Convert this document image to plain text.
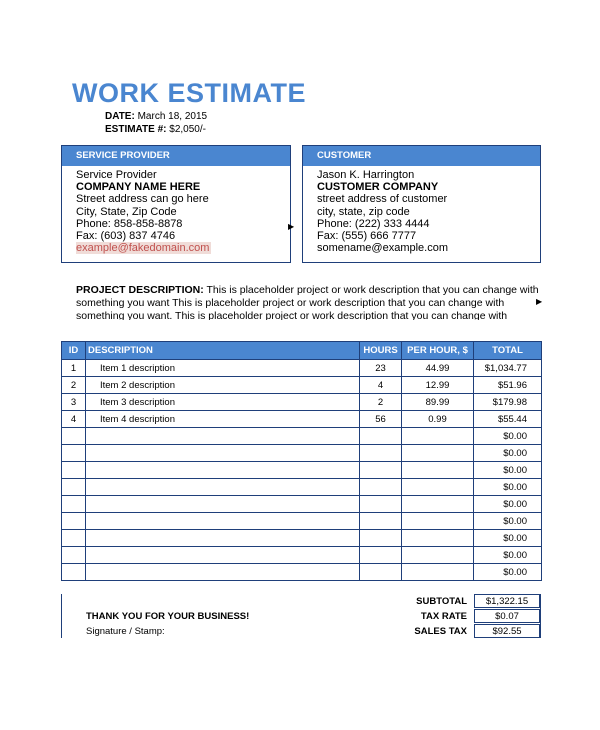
WORK ESTIMATE
DATE: March 18, 2015
ESTIMATE #: $2,050/-
SERVICE PROVIDER
Service Provider
COMPANY NAME HERE
Street address can go here
City, State, Zip Code
Phone: 858-858-8878
Fax: (603) 837 4746
example@fakedomain.com
▶
CUSTOMER
Jason K. Harrington
CUSTOMER COMPANY
street address of customer
city, state, zip code
Phone: (222) 333 4444
Fax: (555) 666 7777
somename@example.com
PROJECT DESCRIPTION: This is placeholder project or work description that you can change with something you want This is placeholder project or work description that you can change with something you want. This is placeholder project or work description that you can change with
▶
ID	DESCRIPTION	HOURS	PER HOUR, $	TOTAL
1	Item 1 description	23	44.99	$1,034.77
2	Item 2 description	4	12.99	$51.96
3	Item 3 description	2	89.99	$179.98
4	Item 4 description	56	0.99	$55.44
				$0.00
				$0.00
				$0.00
				$0.00
				$0.00
				$0.00
				$0.00
				$0.00
				$0.00
THANK YOU FOR YOUR BUSINESS!
Signature / Stamp:
SUBTOTAL	$1,322.15
TAX RATE	$0.07
SALES TAX	$92.55
